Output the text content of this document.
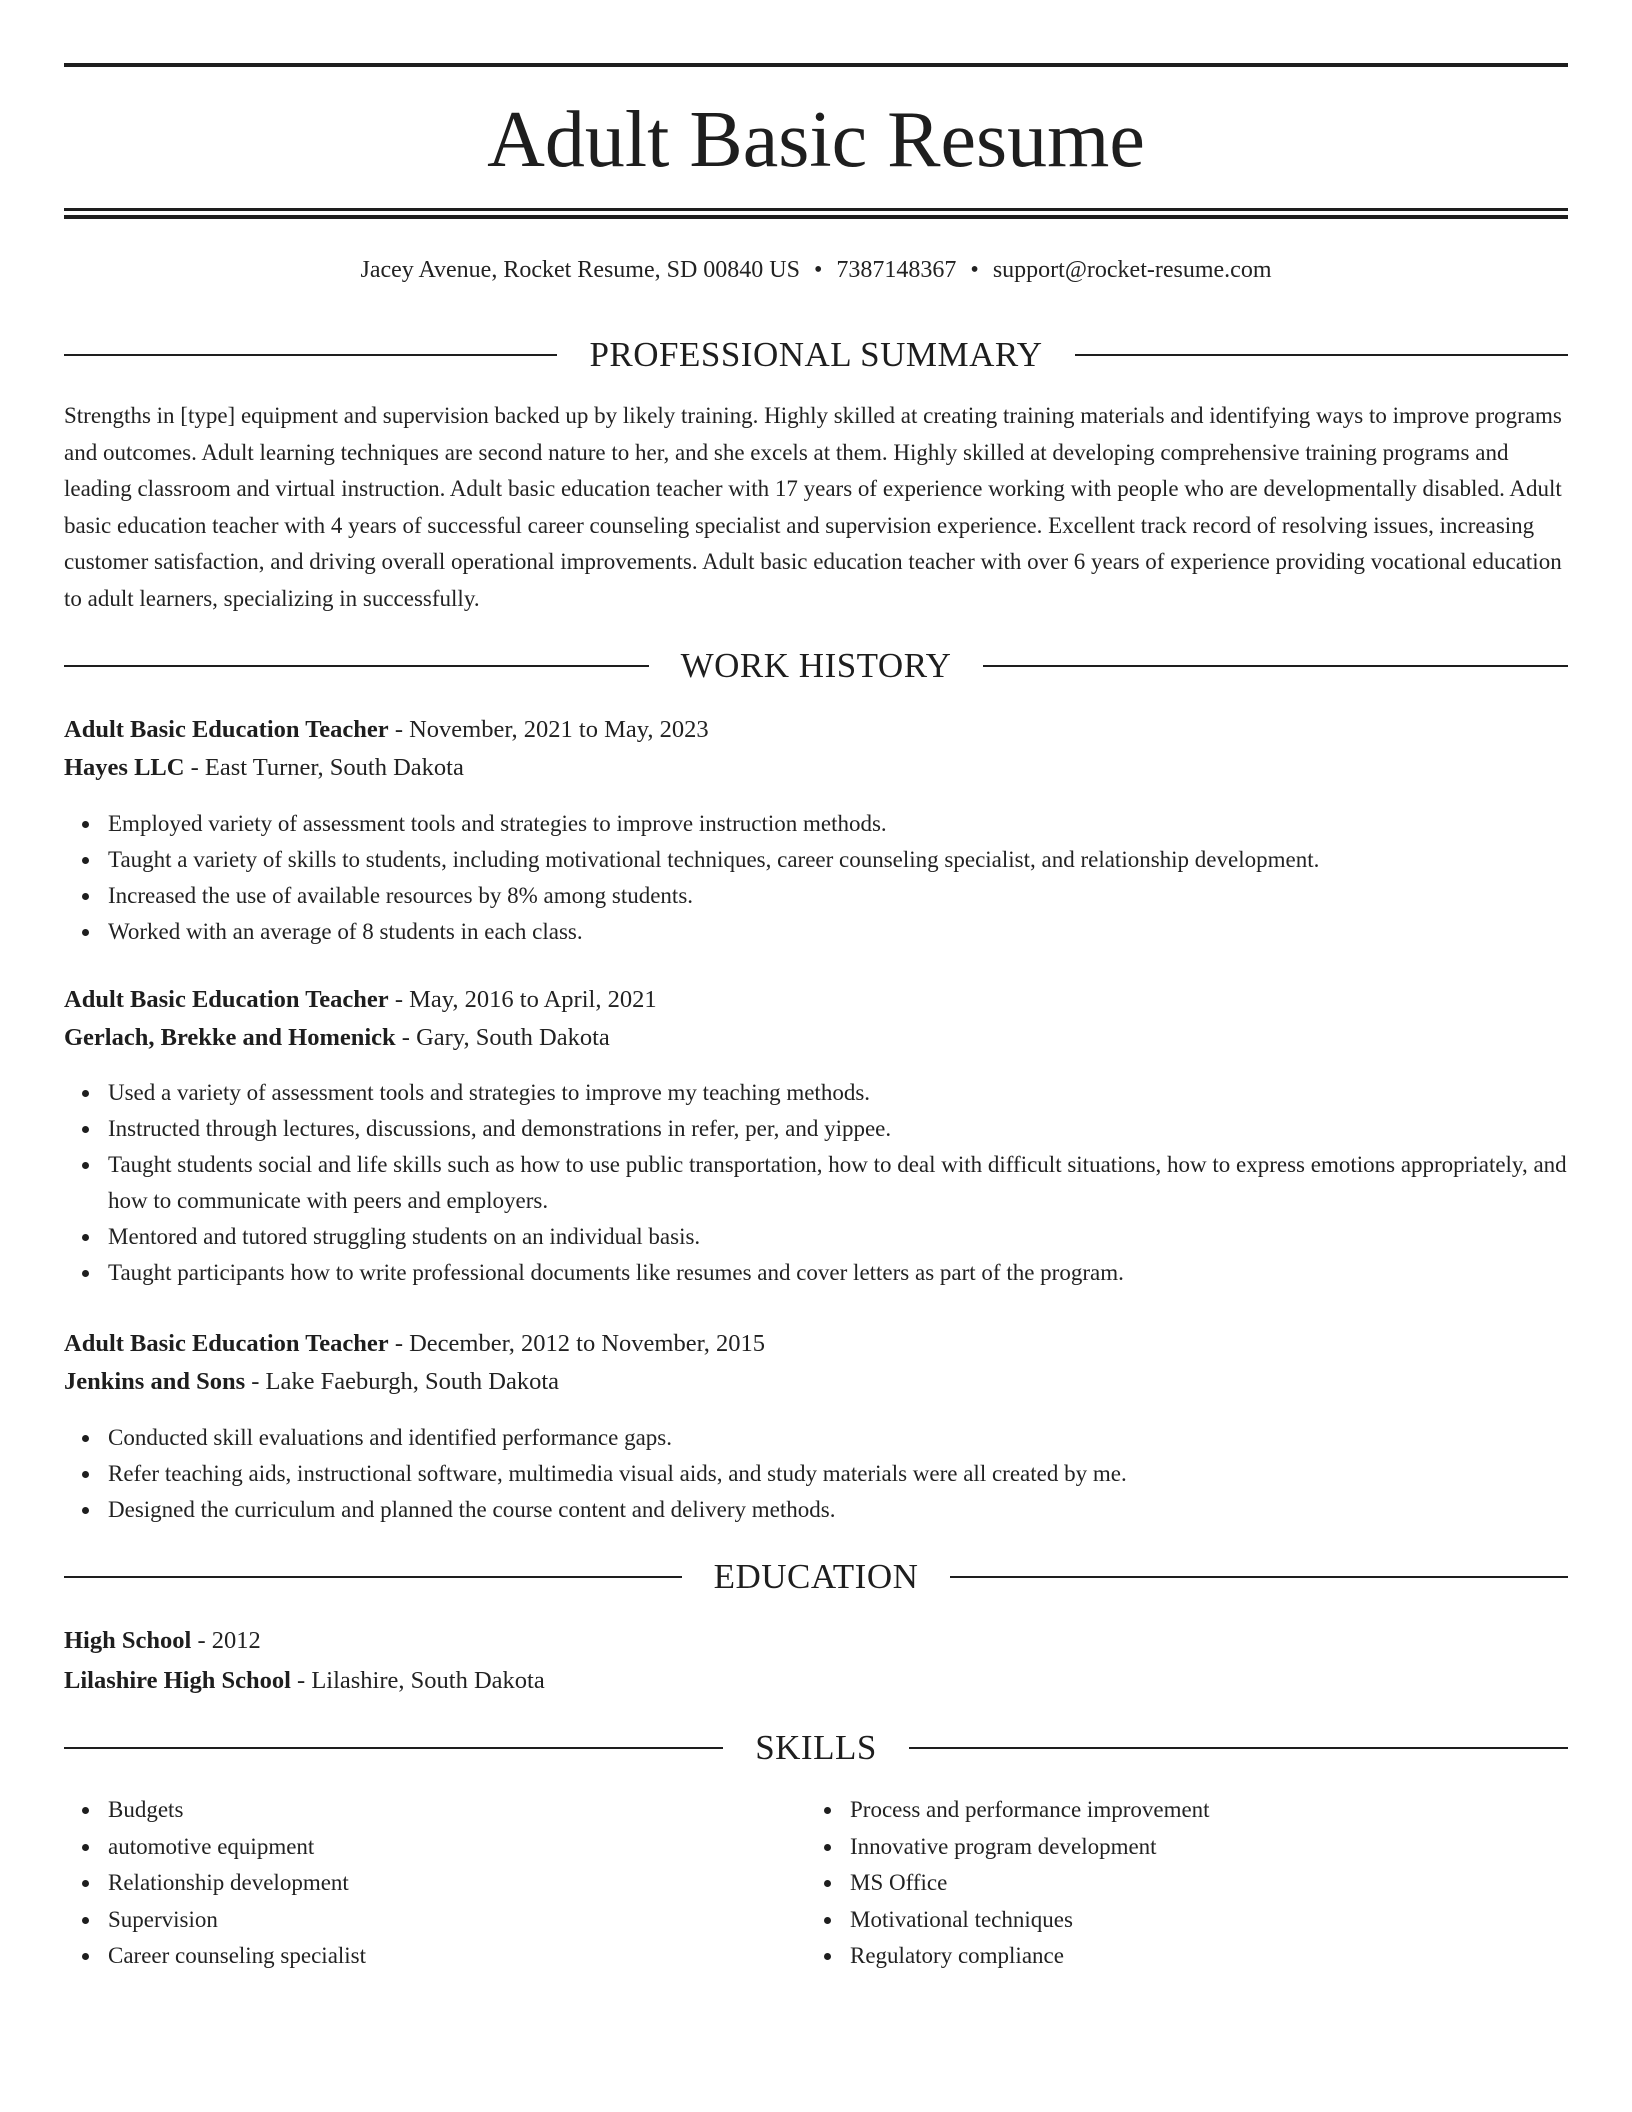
Adult Basic Resume
Jacey Avenue, Rocket Resume, SD 00840 US • 7387148367 • support@rocket-resume.com
PROFESSIONAL SUMMARY

Strengths in [type] equipment and supervision backed up by likely training. Highly skilled at creating training materials and identifying ways to improve programs and outcomes. Adult learning techniques are second nature to her, and she excels at them. Highly skilled at developing comprehensive training programs and leading classroom and virtual instruction. Adult basic education teacher with 17 years of experience working with people who are developmentally disabled. Adult basic education teacher with 4 years of successful career counseling specialist and supervision experience. Excellent track record of resolving issues, increasing customer satisfaction, and driving overall operational improvements. Adult basic education teacher with over 6 years of experience providing vocational education to adult learners, specializing in successfully.

WORK HISTORY
Adult Basic Education Teacher - November, 2021 to May, 2023
Hayes LLC - East Turner, South Dakota
Employed variety of assessment tools and strategies to improve instruction methods.
Taught a variety of skills to students, including motivational techniques, career counseling specialist, and relationship development.
Increased the use of available resources by 8% among students.
Worked with an average of 8 students in each class.
Adult Basic Education Teacher - May, 2016 to April, 2021
Gerlach, Brekke and Homenick - Gary, South Dakota
Used a variety of assessment tools and strategies to improve my teaching methods.
Instructed through lectures, discussions, and demonstrations in refer, per, and yippee.
Taught students social and life skills such as how to use public transportation, how to deal with difficult situations, how to express emotions appropriately, and how to communicate with peers and employers.
Mentored and tutored struggling students on an individual basis.
Taught participants how to write professional documents like resumes and cover letters as part of the program.
Adult Basic Education Teacher - December, 2012 to November, 2015
Jenkins and Sons - Lake Faeburgh, South Dakota
Conducted skill evaluations and identified performance gaps.
Refer teaching aids, instructional software, multimedia visual aids, and study materials were all created by me.
Designed the curriculum and planned the course content and delivery methods.
EDUCATION
High School - 2012
Lilashire High School - Lilashire, South Dakota
SKILLS
Budgets
automotive equipment
Relationship development
Supervision
Career counseling specialist
Process and performance improvement
Innovative program development
MS Office
Motivational techniques
Regulatory compliance
